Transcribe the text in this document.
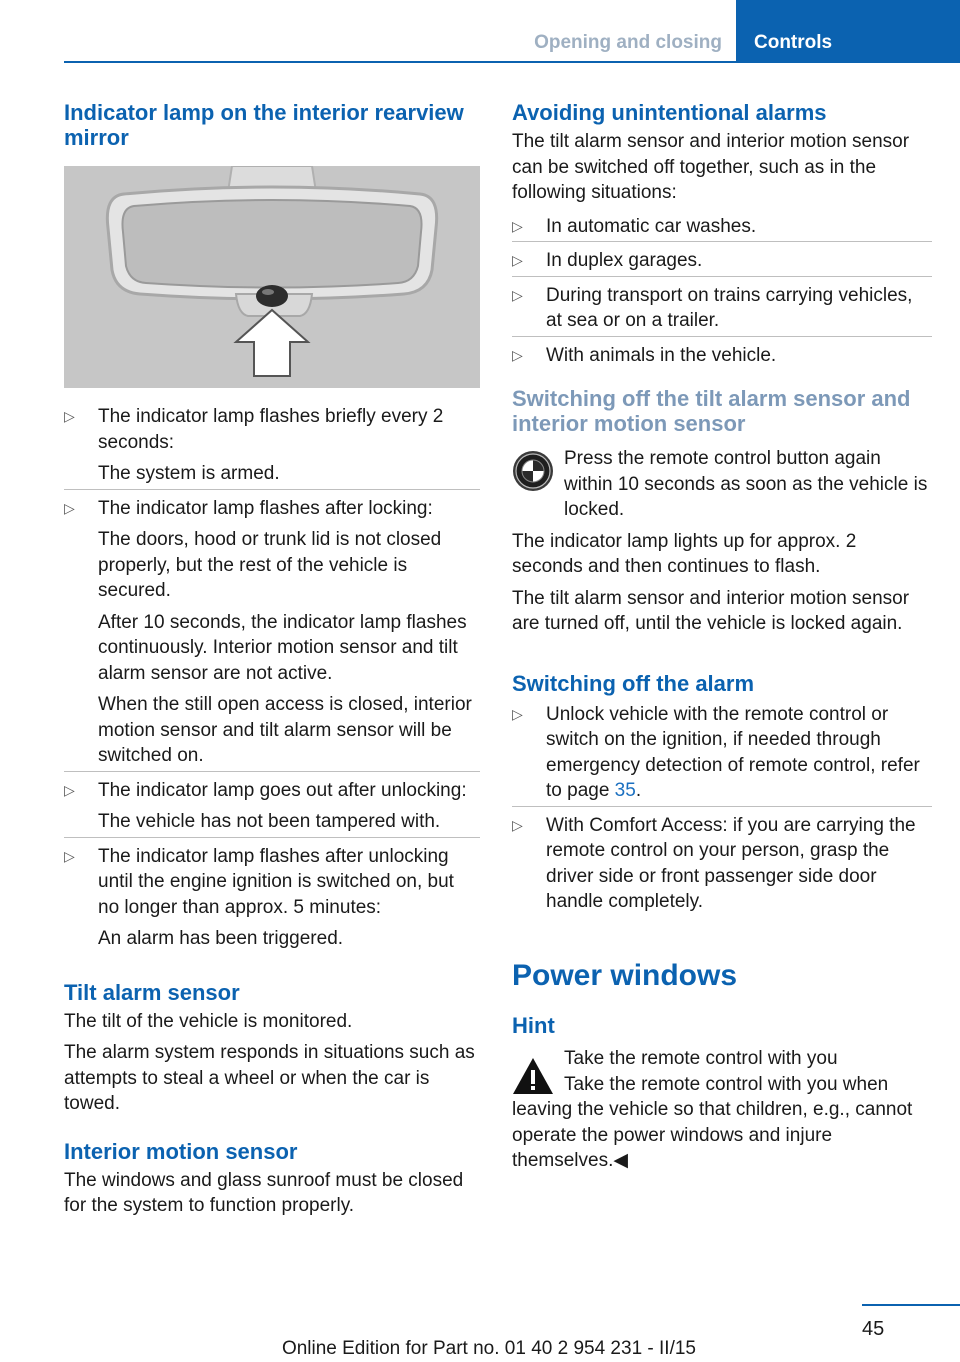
Opening and closing	Controls
Indicator lamp on the interior rearview mirror
▷ The indicator lamp flashes briefly every 2 seconds:
The system is armed.
▷ The indicator lamp flashes after locking:
The doors, hood or trunk lid is not closed properly, but the rest of the vehicle is secured.
After 10 seconds, the indicator lamp flashes continuously. Interior motion sensor and tilt alarm sensor are not active.
When the still open access is closed, interior motion sensor and tilt alarm sensor will be switched on.
▷ The indicator lamp goes out after unlocking:
The vehicle has not been tampered with.
▷ The indicator lamp flashes after unlocking until the engine ignition is switched on, but no longer than approx. 5 minutes:
An alarm has been triggered.
Tilt alarm sensor

The tilt of the vehicle is monitored.

The alarm system responds in situations such as attempts to steal a wheel or when the car is towed.

Interior motion sensor

The windows and glass sunroof must be closed for the system to function properly.

Avoiding unintentional alarms

The tilt alarm sensor and interior motion sensor can be switched off together, such as in the following situations:

▷ In automatic car washes.
▷ In duplex garages.
▷ During transport on trains carrying vehicles, at sea or on a trailer.
▷ With animals in the vehicle.
Switching off the tilt alarm sensor and interior motion sensor
Press the remote control button again within 10 seconds as soon as the vehicle is locked.

The indicator lamp lights up for approx. 2 seconds and then continues to flash.

The tilt alarm sensor and interior motion sensor are turned off, until the vehicle is locked again.

Switching off the alarm
▷ Unlock vehicle with the remote control or switch on the ignition, if needed through emergency detection of remote control, refer to page 35.
▷ With Comfort Access: if you are carrying the remote control on your person, grasp the driver side or front passenger side door handle completely.
Power windows
Hint
Take the remote control with you

Take the remote control with you when leaving the vehicle so that children, e.g., cannot operate the power windows and injure themselves.◀

45
Online Edition for Part no. 01 40 2 954 231 - II/15
